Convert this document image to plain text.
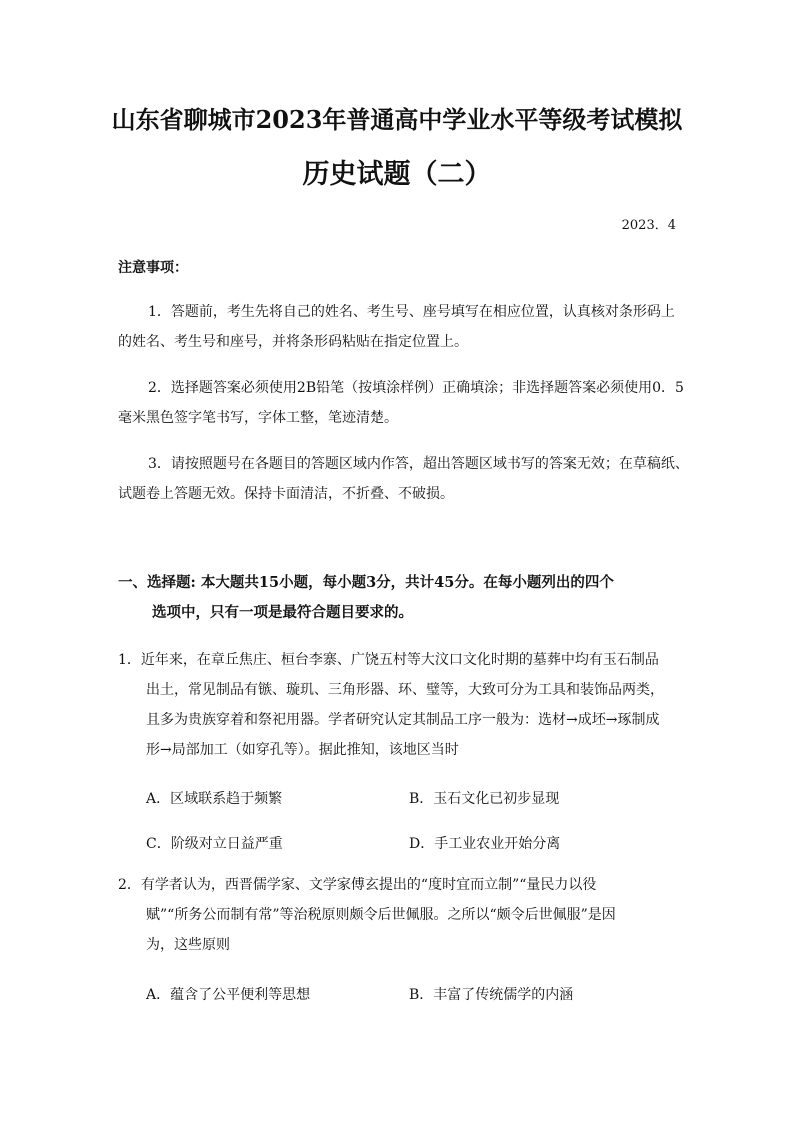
山东省聊城市2023年普通高中学业水平等级考试模拟
历史试题（二）
2023．4
注意事项：
1．答题前，考生先将自己的姓名、考生号、座号填写在相应位置，认真核对条形码上
的姓名、考生号和座号，并将条形码粘贴在指定位置上。
2．选择题答案必须使用2B铅笔（按填涂样例）正确填涂；非选择题答案必须使用0．5
毫米黑色签字笔书写，字体工整，笔迹清楚。
3．请按照题号在各题目的答题区域内作答，超出答题区域书写的答案无效；在草稿纸、
试题卷上答题无效。保持卡面清洁，不折叠、不破损。
一、选择题: 本大题共15小题，每小题3分，共计45分。在每小题列出的四个
选项中，只有一项是最符合题目要求的。
1．近年来，在章丘焦庄、桓台李寨、广饶五村等大汶口文化时期的墓葬中均有玉石制品
出土，常见制品有镞、璇玑、三角形器、环、璧等，大致可分为工具和装饰品两类，
且多为贵族穿着和祭祀用器。学者研究认定其制品工序一般为：选材→成坯→琢制成
形→局部加工（如穿孔等）。据此推知，该地区当时
A．区域联系趋于频繁	B．玉石文化已初步显现
C．阶级对立日益严重	D．手工业农业开始分离
2．有学者认为，西晋儒学家、文学家傅玄提出的“度时宜而立制”“量民力以役
赋”“所务公而制有常”等治税原则颇令后世佩服。之所以“颇令后世佩服”是因
为，这些原则
A．蕴含了公平便利等思想	B．丰富了传统儒学的内涵
